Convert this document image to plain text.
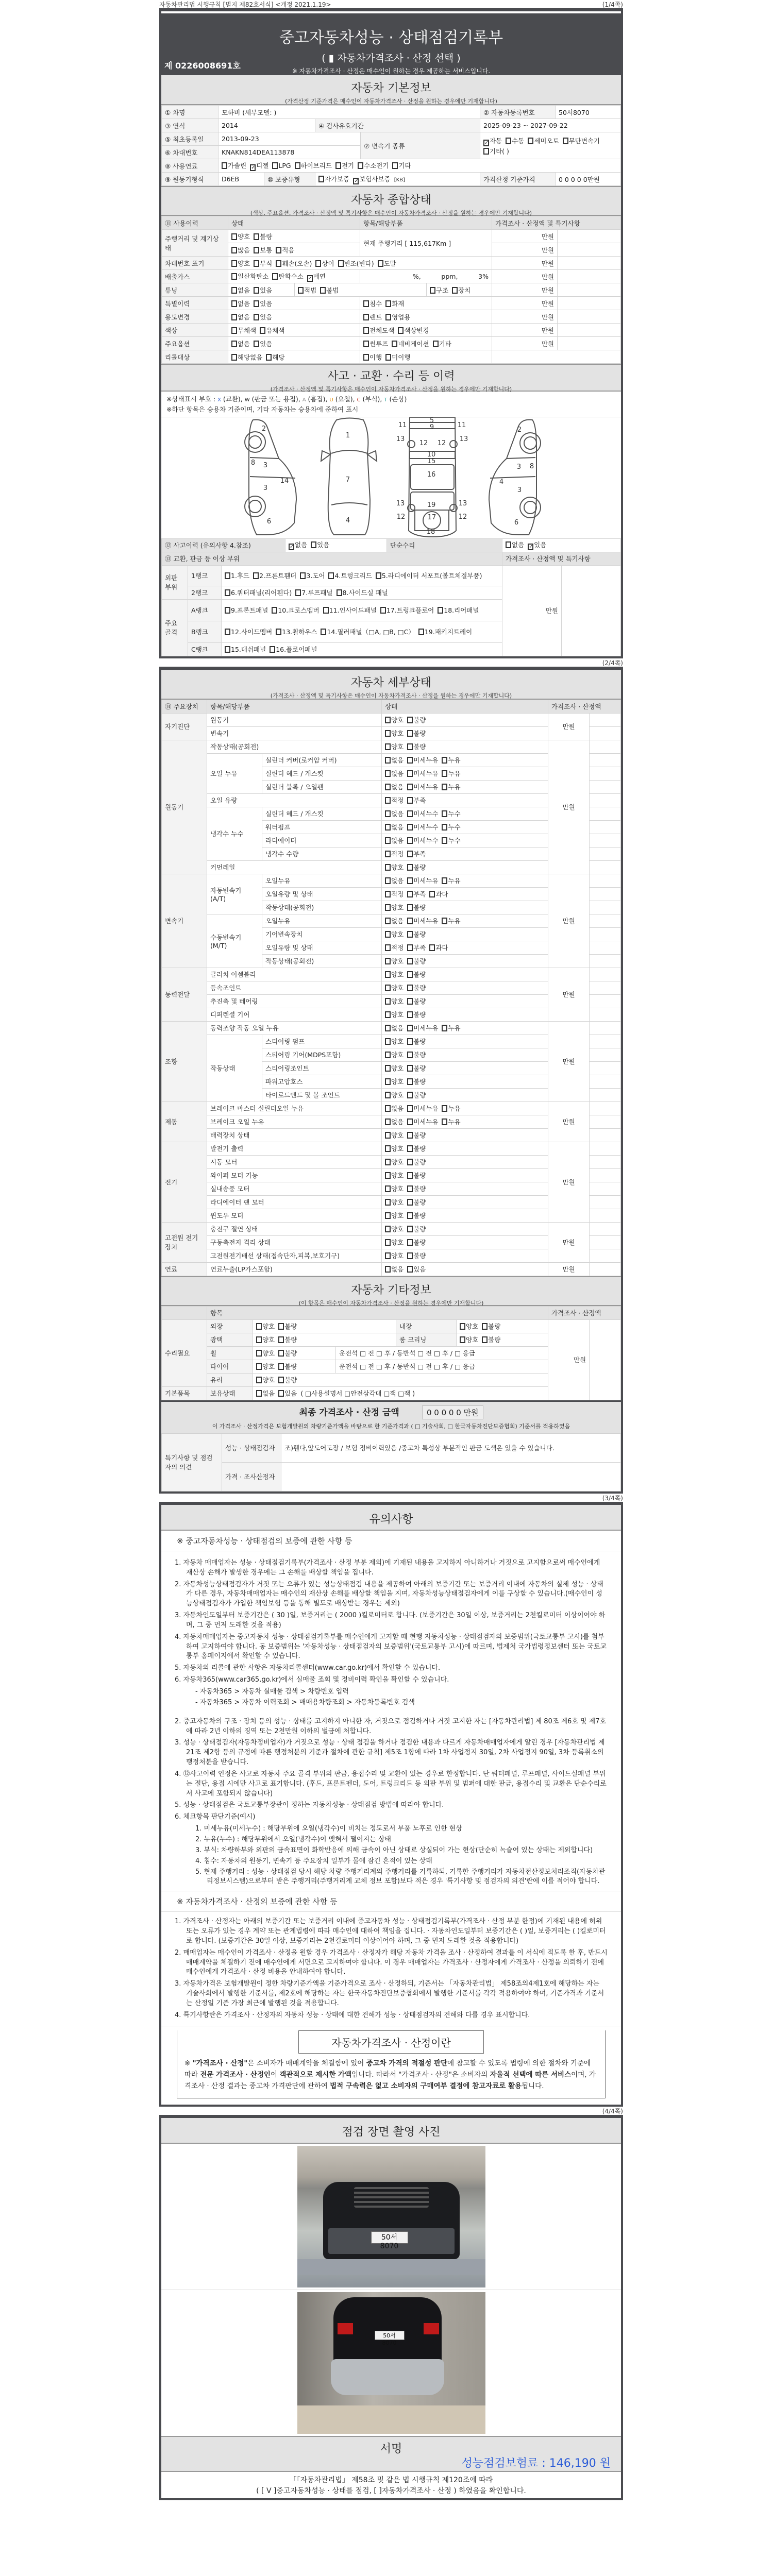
자동차관리법 시행규칙 [별지 제82호서식] <개정 2021.1.19>	(1/4쪽)
중고자동차성능 · 상태점검기록부
( ▮ 자동차가격조사 · 산정 선택 )
※ 자동차가격조사 · 산정은 매수인이 원하는 경우 제공하는 서비스입니다.
제 0226008691호
자동차 기본정보
(가격산정 기준가격은 매수인이 자동차가격조사 · 산정을 원하는 경우에만 기재합니다)
① 차명	모하비 (세부모델: )				② 자동차등록번호	50서8070
③ 연식	2014		④ 검사유효기간		2025-09-23 ~ 2027-09-22	
⑤ 최초등록일	2013-09-23			⑦ 변속기 종류	✓ 자동 수동 세미오토 무단변속기기타( )	
⑥ 차대번호	KNAKN814DEA113878					
⑧ 사용연료	가솔린 ✓ 디젤 LPG 하이브리드 전기 수소전기 기타					
⑨ 원동기형식	D6EB	⑩ 보증유형	자가보증 ✓ 보험사보증 [KB]		가격산정 기준가격	0 0 0 0 0만원
자동차 종합상태
(색상, 주요옵션, 가격조사 · 산정액 및 특기사항은 매수인이 자동차가격조사 · 산정을 원하는 경우에만 기재합니다)
⑪ 사용이력	상태		항목/해당부품		가격조사 · 산정액 및 특기사항	
주행거리 및 계기상태	양호 불량		현재 주행거리 [ 115,617Km ]		만원	
	많음 보통 적음				만원	
차대번호 표기	양호 부식 훼손(오손) 상이 변조(변타) 도말				만원	
배출가스	일산화탄소 탄화수소 ✓ 매연		%,          ppm,          3%		만원	
튜닝	없음 있음	적법 불법		구조 장치	만원	
특별이력	없음 있음		침수 화재		만원	
용도변경	없음 있음		렌트 영업용		만원	
색상	무채색 유채색		전체도색 색상변경		만원	
주요옵션	없음 있음		썬루프 네비게이션 기타		만원	
리콜대상	해당없음 해당		이행 미이행			
사고 · 교환 · 수리 등 이력
(가격조사 · 산정액 및 특기사항은 매수인이 자동차가격조사 · 산정을 원하는 경우에만 기재합니다)
※상태표시 부호 : X (교환), W (판금 또는 용접), A (흠집), U (요철), C (부식), T (손상)
※하단 항목은 승용차 기준이며, 기타 자동차는 승용차에 준하여 표시
2
8 3
3
14
6
1
7
4
5
9
11	11
13	13
12 12
10
15
16
13	13
19
12	17	12
18
2
3 8
4
3
6
⑫ 사고이력 (유의사항 4.참조)			✓ 없음 있음	단순수리	없음 ✓ 있음	
⑬ 교환, 판금 등 이상 부위					가격조사 · 산정액 및 특기사항	
외판 부위	1랭크	1.후드 2.프론트휀더 3.도어 4.트렁크리드 5.라디에이터 서포트(볼트체결부품)			만원	
	2랭크	6.쿼터패널(리어휀다) 7.루프패널 8.사이드실 패널				
주요 골격	A랭크	9.프론트패널 10.크로스멤버 11.인사이드패널 17.트렁크플로어 18.리어패널				
	B랭크	12.사이드멤버 13.휠하우스 14.필러패널（□A, □B, □C） 19.패키지트레이				
	C랭크	15.대쉬패널 16.플로어패널				
(2/4쪽)
자동차 세부상태
(가격조사 · 산정액 및 특기사항은 매수인이 자동차가격조사 · 산정을 원하는 경우에만 기재합니다)
⑭ 주요장치	항목/해당부품		상태	가격조사 · 산정액	
자기진단	원동기		양호 불량	만원	
	변속기		양호 불량		
원동기	작동상태(공회전)		양호 불량	만원	
	오일 누유	실린더 커버(로커암 커버)	없음 미세누유 누유		
		실린더 헤드 / 개스킷	없음 미세누유 누유		
		실린더 블록 / 오일팬	없음 미세누유 누유		
	오일 유량		적정 부족		
	냉각수 누수	실린더 헤드 / 개스킷	없음 미세누수 누수		
		워터펌프	없음 미세누수 누수		
		라디에이터	없음 미세누수 누수		
		냉각수 수량	적정 부족		
	커먼레일		양호 불량		
변속기	자동변속기 (A/T)	오일누유	없음 미세누유 누유	만원	
		오일유량 및 상태	적정 부족 과다		
		작동상태(공회전)	양호 불량		
	수동변속기 (M/T)	오일누유	없음 미세누유 누유		
		기어변속장치	양호 불량		
		오일유량 및 상태	적정 부족 과다		
		작동상태(공회전)	양호 불량		
동력전달	클러치 어셈블리		양호 불량	만원	
	등속조인트		양호 불량		
	추진축 및 베어링		양호 불량		
	디퍼렌셜 기어		양호 불량		
조향	동력조향 작동 오일 누유		없음 미세누유 누유	만원	
	작동상태	스티어링 펌프	양호 불량		
		스티어링 기어(MDPS포함)	양호 불량		
		스티어링조인트	양호 불량		
		파워고압호스	양호 불량		
		타이로드엔드 및 볼 조인트	양호 불량		
제동	브레이크 마스터 실린더오일 누유		없음 미세누유 누유	만원	
	브레이크 오일 누유		없음 미세누유 누유		
	배력장치 상태		양호 불량		
전기	발전기 출력		양호 불량	만원	
	시동 모터		양호 불량		
	와이퍼 모터 기능		양호 불량		
	실내송풍 모터		양호 불량		
	라디에이터 팬 모터		양호 불량		
	윈도우 모터		양호 불량		
고전원 전기장치	충전구 절연 상태		양호 불량	만원	
	구동축전지 격리 상태		양호 불량		
	고전원전기배선 상태(접속단자,피복,보호기구)		양호 불량		
연료	연료누출(LP가스포함)		없음 있음	만원	
자동차 기타정보
(이 항목은 매수인이 자동차가격조사 · 산정을 원하는 경우에만 기재합니다)
	항목					가격조사 · 산정액	
수리필요	외장	양호 불량		내장	양호 불량	만원	
	광택	양호 불량		룸 크리닝	양호 불량		
	휠	양호 불량	운전석 □ 전 □ 후 / 동반석 □ 전 □ 후 / □ 응급				
	타이어	양호 불량	운전석 □ 전 □ 후 / 동반석 □ 전 □ 후 / □ 응급				
	유리	양호 불량					
기본품목	보유상태	없음 있음 ( □사용설명서 □안전삼각대 □잭 □잭 )					
최종 가격조사 · 산정 금액	0 0 0 0 0 만원
이 가격조사 · 산정가격은 보험개발원의 차량기준가액을 바탕으로 한 기준가격과 ( □ 기술사회, □ 한국자동차진단보증협회) 기준서를 적용하였음
특기사항 및 점검자의 의견	성능 · 상태점검자	조)휀다,앞도어도장 / 보험 정비이력있음 /중고차 특성상 부분적인 판금 도색은 있을 수 있습니다.
	가격 · 조사산정자	
(3/4쪽)
유의사항
※ 중고자동차성능 · 상태점검의 보증에 관한 사항 등
1. 자동차 매매업자는 성능 · 상태점검기록부(가격조사 · 산정 부분 제외)에 기재된 내용을 고지하지 아니하거나 거짓으로 고지함으로써 매수인에게 재산상 손해가 발생한 경우에는 그 손해를 배상할 책임을 집니다.
2. 자동차성능상태점검자가 거짓 또는 오류가 있는 성능상태점검 내용을 제공하여 아래의 보증기간 또는 보증거리 이내에 자동차의 실제 성능 · 상태가 다른 경우, 자동차매매업자는 매수인의 재산상 손해를 배상할 책임을 지며, 자동차성능상태점검자에게 이를 구상할 수 있습니다.(매수인이 성능상태점검자가 가입한 책임보험 등을 통해 별도로 배상받는 경우는 제외)
3. 자동차인도일부터 보증기간은 ( 30 )일, 보증거리는 ( 2000 )킬로미터로 합니다. (보증기간은 30일 이상, 보증거리는 2천킬로미터 이상이어야 하며, 그 중 먼저 도래한 것을 적용)
4. 자동차매매업자는 중고자동차 성능 · 상태점검기록부를 매수인에게 고지할 때 현행 자동차성능 · 상태점검자의 보증범위(국토교통부 고시)를 첨부하여 고지하여야 합니다. 동 보증범위는 '자동차성능 · 상태점검자의 보증범위'(국토교통부 고시)에 따르며, 법제처 국가법령정보센터 또는 국토교통부 홈페이지에서 확인할 수 있습니다.
5. 자동차의 리콜에 관한 사항은 자동차리콜센터(www.car.go.kr)에서 확인할 수 있습니다.
6. 자동차365(www.car365.go.kr)에서 실매물 조회 및 정비이력 확인을 확인할 수 있습니다.
- 자동차365 > 자동차 실매물 검색 > 차량번호 입력
- 자동차365 > 자동차 이력조회 > 매매용차량조회 > 자동차등록번호 검색
2. 중고자동차의 구조 · 장치 등의 성능 · 상태를 고지하지 아니한 자, 거짓으로 점검하거나 거짓 고지한 자는 [자동차관리법] 제 80조 제6호 및 제7호에 따라 2년 이하의 징역 또는 2천만원 이하의 벌금에 처합니다.
3. 성능 · 상태점검자(자동차정비업자)가 거짓으로 성능 · 상태 점검을 하거나 점검한 내용과 다르게 자동차매매업자에게 알린 경우 [자동차관리법 제21조 제2항 등의 규정에 따른 행정처분의 기준과 절차에 관한 규칙] 제5조 1항에 따라 1차 사업정지 30일, 2차 사업정지 90일, 3차 등록취소의 행정처분을 받습니다.
4. ⑫사고이력 인정은 사고로 자동차 주요 골격 부위의 판금, 용접수리 및 교환이 있는 경우로 한정합니다. 단 쿼터패널, 루프패널, 사이드실패널 부위는 절단, 용접 시에만 사고로 표기합니다. (후드, 프론트펜더, 도어, 트렁크리드 등 외판 부위 및 범퍼에 대한 판금, 용접수리 및 교환은 단순수리로서 사고에 포함되지 않습니다)
5. 성능 · 상태점검은 국토교통부장관이 정하는 자동차성능 · 상태점검 방법에 따라야 합니다.
6. 체크항목 판단기준(예시)
1. 미세누유(미세누수) : 해당부위에 오일(냉각수)이 비치는 정도로서 부품 노후로 인한 현상
2. 누유(누수) : 해당부위에서 오일(냉각수)이 맺혀서 떨어지는 상태
3. 부식: 차량하부와 외판의 금속표면이 화학반응에 의해 금속이 아닌 상태로 상실되어 가는 현상(단순히 녹슬어 있는 상태는 제외합니다)
4. 침수: 자동차의 원동기, 변속기 등 주요장치 일부가 물에 잠긴 흔적이 있는 상태
5. 현재 주행거리 : 성능 · 상태점검 당시 해당 차량 주행거리계의 주행거리를 기록하되, 기록한 주행거리가 자동차전산정보처리조직(자동차관리정보시스템)으로부터 받은 주행거리(주행거리계 교체 정보 포함)보다 적은 경우 '특기사항 및 점검자의 의견'란에 이를 적어야 합니다.
※ 자동차가격조사 · 산정의 보증에 관한 사항 등
1. 가격조사 · 산정자는 아래의 보증기간 또는 보증거리 이내에 중고자동차 성능 · 상태점검기록부(가격조사 · 산정 부분 한정)에 기재된 내용에 허위 또는 오류가 있는 경우 계약 또는 관계법령에 따라 매수인에 대하여 책임을 집니다. · 자동차인도일부터 보증기간은 ( )일, 보증거리는 ( )킬로미터로 합니다. (보증기간은 30일 이상, 보증거리는 2천킬로미터 이상이어야 하며, 그 중 먼저 도래한 것을 적용합니다)
2. 매매업자는 매수인이 가격조사 · 산정을 원할 경우 가격조사 · 산정자가 해당 자동차 가격을 조사 · 산정하여 결과를 이 서식에 적도록 한 후, 반드시 매매계약을 체결하기 전에 매수인에게 서면으로 고지하여야 합니다. 이 경우 매매업자는 가격조사 · 산정자에게 가격조사 · 산정을 의뢰하기 전에 매수인에게 가격조사 · 산정 비용을 안내하여야 합니다.
3. 자동차가격은 보험개발원이 정한 차량기준가액을 기준가격으로 조사 · 산정하되, 기준서는 「자동차관리법」 제58조의4제1호에 해당하는 자는 기술사회에서 발행한 기준서를, 제2호에 해당하는 자는 한국자동차진단보증협회에서 발행한 기준서를 각각 적용하여야 하며, 기준가격과 기준서는 산정일 기준 가장 최근에 발행된 것을 적용합니다.
4. 특기사항란은 가격조사 · 산정자의 자동차 성능 · 상태에 대한 견해가 성능 · 상태점검자의 견해와 다를 경우 표시합니다.
자동차가격조사 · 산정이란
※ "가격조사 · 산정"은 소비자가 매매계약을 체결함에 있어 중고차 가격의 적절성 판단에 참고할 수 있도록 법령에 의한 절차와 기준에 따라 전문 가격조사 · 산정인이 객관적으로 제시한 가액입니다. 따라서 "가격조사 · 산정"은 소비자의 자율적 선택에 따른 서비스이며, 가격조사 · 산정 결과는 중고차 가격판단에 관하여 법적 구속력은 없고 소비자의 구매여부 결정에 참고자료로 활용됩니다.
(4/4쪽)
점검 장면 촬영 사진
50서 8070
50서 8070
서명
성능점검보험료 : 146,190 원
「「자동차관리법」 제58조 및 같은 법 시행규칙 제120조에 따라
( [ V ]중고자동차성능 · 상태를 점검, [ ]자동차가격조사 · 산정 ) 하였음을 확인합니다.
